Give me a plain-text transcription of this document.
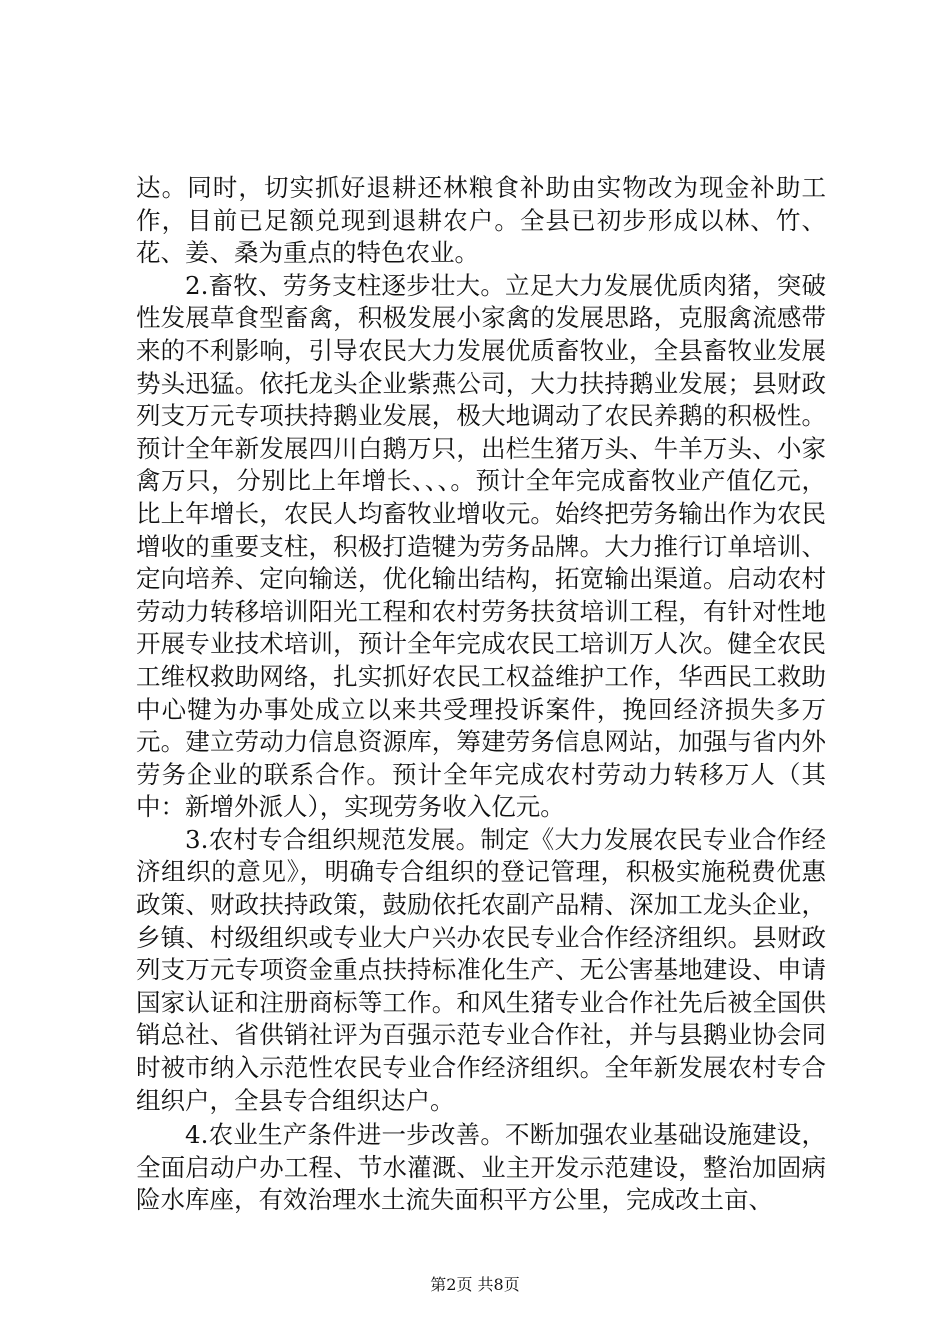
达。同时，切实抓好退耕还林粮食补助由实物改为现金补助工作，目前已足额兑现到退耕农户。全县已初步形成以林、竹、花、姜、桑为重点的特色农业。

2.畜牧、劳务支柱逐步壮大。立足大力发展优质肉猪，突破性发展草食型畜禽，积极发展小家禽的发展思路，克服禽流感带来的不利影响，引导农民大力发展优质畜牧业，全县畜牧业发展势头迅猛。依托龙头企业紫燕公司，大力扶持鹅业发展；县财政列支万元专项扶持鹅业发展，极大地调动了农民养鹅的积极性。预计全年新发展四川白鹅万只，出栏生猪万头、牛羊万头、小家禽万只，分别比上年增长、、、。预计全年完成畜牧业产值亿元，比上年增长，农民人均畜牧业增收元。始终把劳务输出作为农民增收的重要支柱，积极打造犍为劳务品牌。大力推行订单培训、定向培养、定向输送，优化输出结构，拓宽输出渠道。启动农村劳动力转移培训阳光工程和农村劳务扶贫培训工程，有针对性地开展专业技术培训，预计全年完成农民工培训万人次。健全农民工维权救助网络，扎实抓好农民工权益维护工作，华西民工救助中心犍为办事处成立以来共受理投诉案件，挽回经济损失多万元。建立劳动力信息资源库，筹建劳务信息网站，加强与省内外劳务企业的联系合作。预计全年完成农村劳动力转移万人（其中：新增外派人），实现劳务收入亿元。

3.农村专合组织规范发展。制定《大力发展农民专业合作经济组织的意见》，明确专合组织的登记管理，积极实施税费优惠政策、财政扶持政策，鼓励依托农副产品精、深加工龙头企业，乡镇、村级组织或专业大户兴办农民专业合作经济组织。县财政列支万元专项资金重点扶持标准化生产、无公害基地建设、申请国家认证和注册商标等工作。和风生猪专业合作社先后被全国供销总社、省供销社评为百强示范专业合作社，并与县鹅业协会同时被市纳入示范性农民专业合作经济组织。全年新发展农村专合组织户，全县专合组织达户。

4.农业生产条件进一步改善。不断加强农业基础设施建设，全面启动户办工程、节水灌溉、业主开发示范建设，整治加固病险水库座，有效治理水土流失面积平方公里，完成改土亩、

第2页 共8页
